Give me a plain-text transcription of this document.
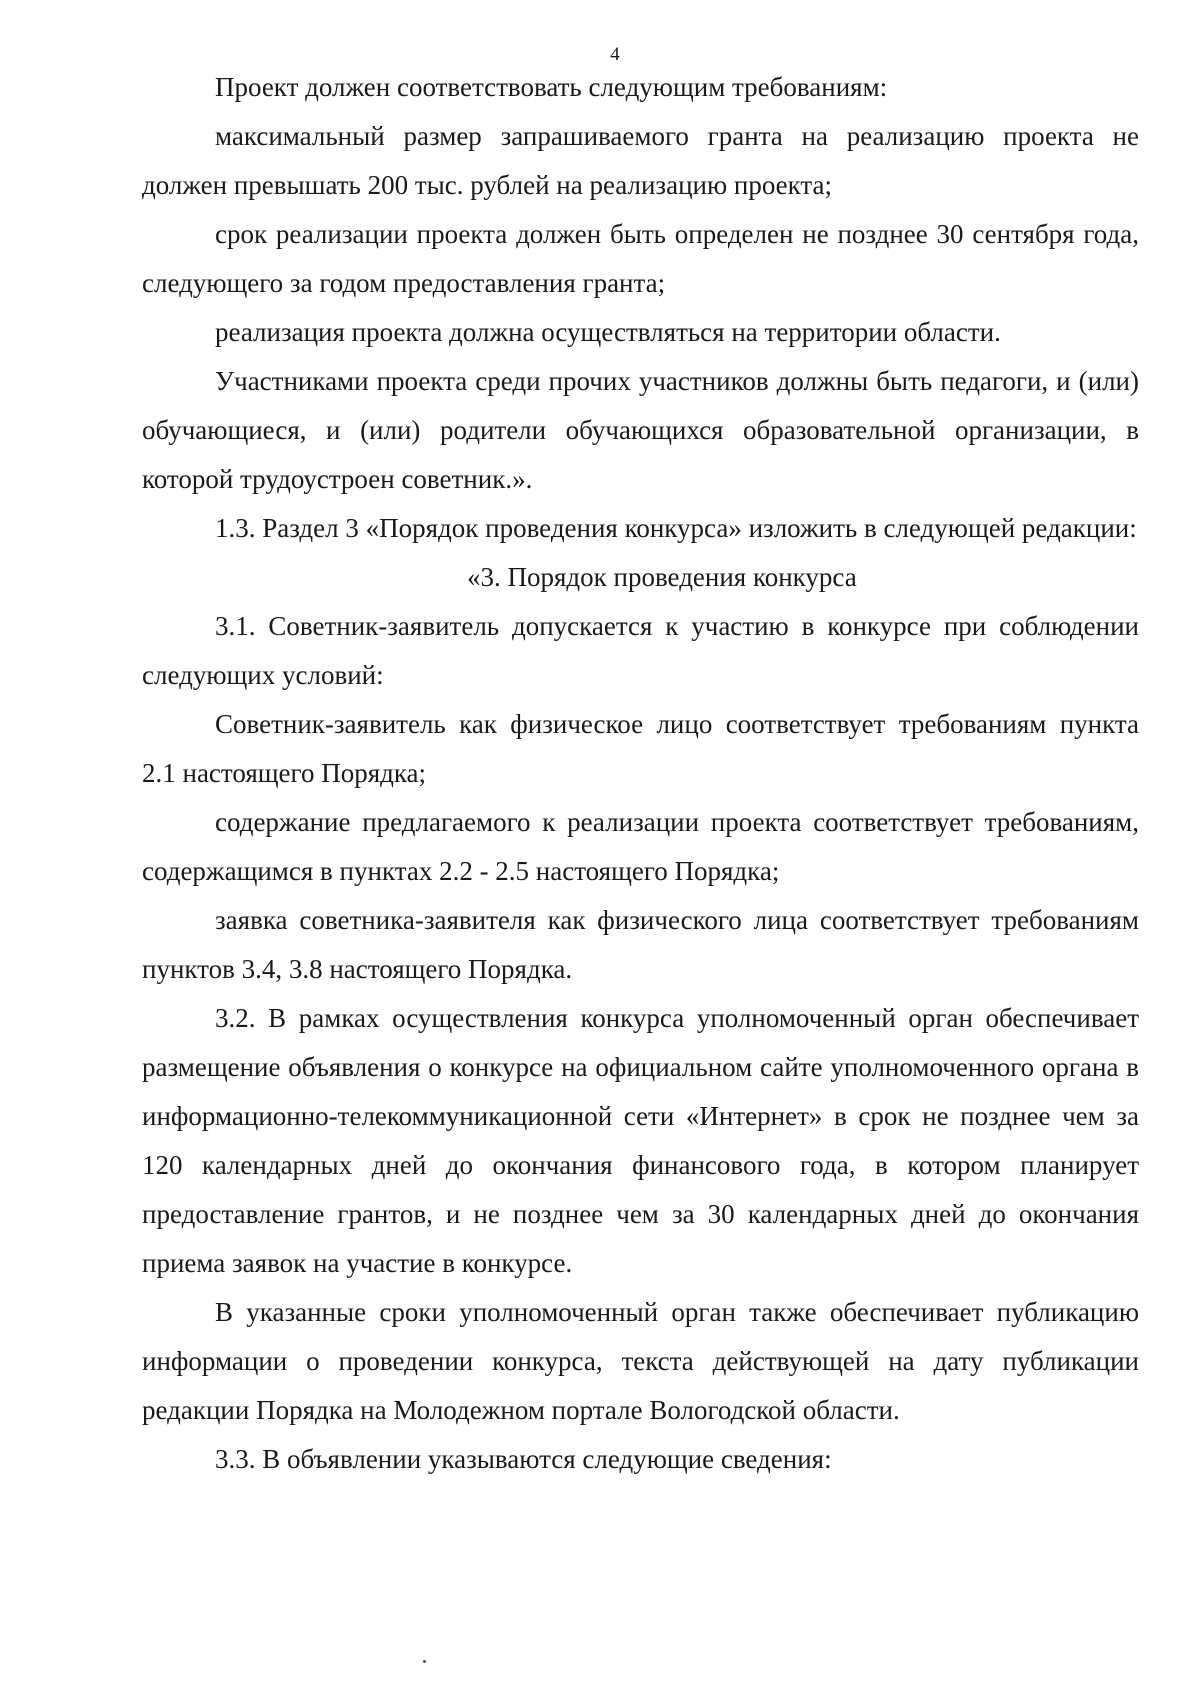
4

Проект должен соответствовать следующим требованиям:

максимальный размер запрашиваемого гранта на реализацию проекта не должен превышать 200 тыс. рублей на реализацию проекта;

срок реализации проекта должен быть определен не позднее 30 сентября года, следующего за годом предоставления гранта;

реализация проекта должна осуществляться на территории области.

Участниками проекта среди прочих участников должны быть педагоги, и (или) обучающиеся, и (или) родители обучающихся образовательной организации, в которой трудоустроен советник.».

1.3. Раздел 3 «Порядок проведения конкурса» изложить в следующей редакции:

«3. Порядок проведения конкурса

3.1. Советник-заявитель допускается к участию в конкурсе при соблюдении следующих условий:

Советник-заявитель как физическое лицо соответствует требованиям пункта 2.1 настоящего Порядка;

содержание предлагаемого к реализации проекта соответствует требованиям, содержащимся в пунктах 2.2 - 2.5 настоящего Порядка;

заявка советника-заявителя как физического лица соответствует требованиям пунктов 3.4, 3.8 настоящего Порядка.

3.2. В рамках осуществления конкурса уполномоченный орган обеспечивает размещение объявления о конкурсе на официальном сайте уполномоченного органа в информационно-телекоммуникационной сети «Интернет» в срок не позднее чем за 120 календарных дней до окончания финансового года, в котором планирует предоставление грантов, и не позднее чем за 30 календарных дней до окончания приема заявок на участие в конкурсе.

В указанные сроки уполномоченный орган также обеспечивает публикацию информации о проведении конкурса, текста действующей на дату публикации редакции Порядка на Молодежном портале Вологодской области.

3.3. В объявлении указываются следующие сведения:
